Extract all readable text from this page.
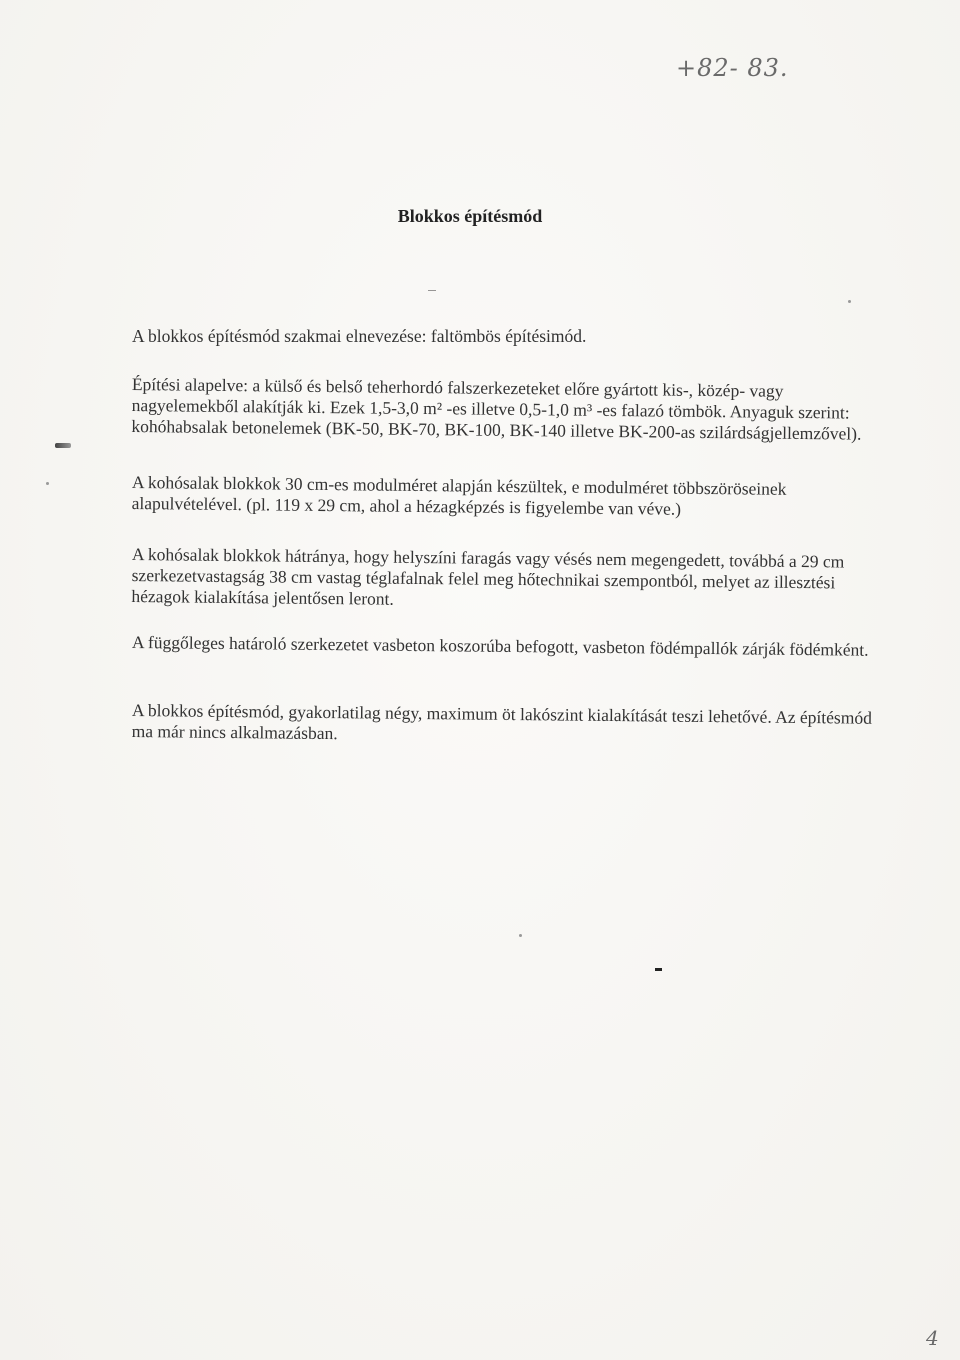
+82- 83.
Blokkos építésmód
A blokkos építésmód szakmai elnevezése: faltömbös építésimód.
Építési alapelve: a külső és belső teherhordó falszerkezeteket előre gyártott kis-, közép- vagy nagyelemekből alakítják ki. Ezek 1,5-3,0 m² -es illetve 0,5-1,0 m³ -es falazó tömbök. Anyaguk szerint: kohóhabsalak betonelemek (BK-50, BK-70, BK-100, BK-140 illetve BK-200-as szilárdságjellemzővel).
A kohósalak blokkok 30 cm-es modulméret alapján készültek, e modulméret többszöröseinek alapulvételével. (pl. 119 x 29 cm, ahol a hézagképzés is figyelembe van véve.)
A kohósalak blokkok hátránya, hogy helyszíni faragás vagy vésés nem megengedett, továbbá a 29 cm szerkezetvastagság 38 cm vastag téglafalnak felel meg hőtechnikai szempontból, melyet az illesztési hézagok kialakítása jelentősen leront.
A függőleges határoló szerkezetet vasbeton koszorúba befogott, vasbeton födémpallók zárják födémként.
A blokkos építésmód, gyakorlatilag négy, maximum öt lakószint kialakítását teszi lehetővé. Az építésmód ma már nincs alkalmazásban.
4
